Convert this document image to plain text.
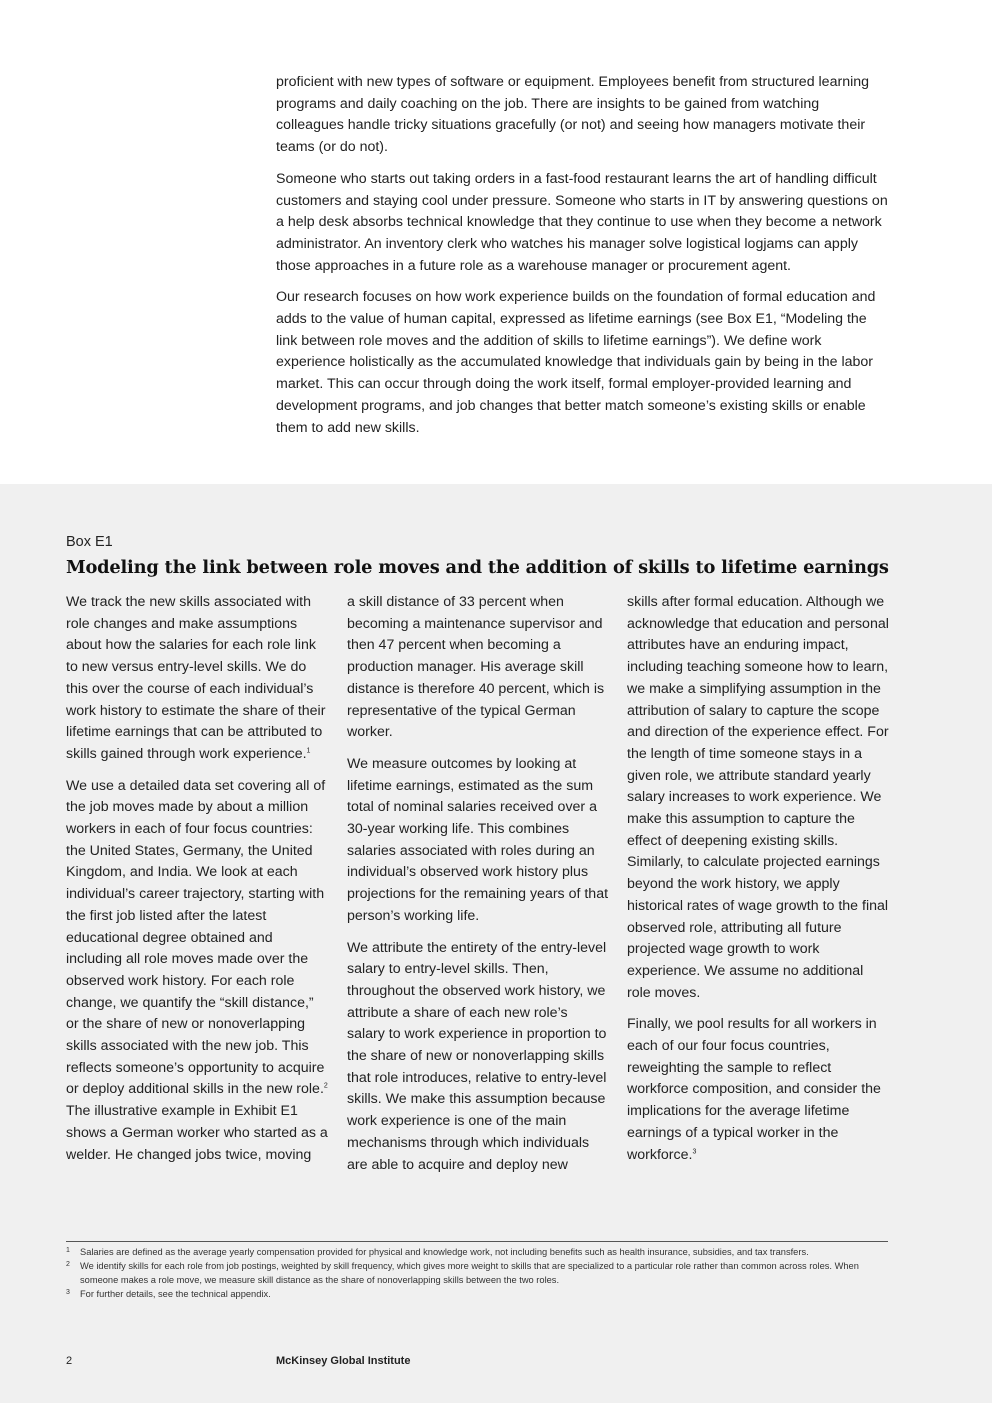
proficient with new types of software or equipment. Employees benefit from structured learning programs and daily coaching on the job. There are insights to be gained from watching colleagues handle tricky situations gracefully (or not) and seeing how managers motivate their teams (or do not).

Someone who starts out taking orders in a fast-food restaurant learns the art of handling difficult customers and staying cool under pressure. Someone who starts in IT by answering questions on a help desk absorbs technical knowledge that they continue to use when they become a network administrator. An inventory clerk who watches his manager solve logistical logjams can apply those approaches in a future role as a warehouse manager or procurement agent.

Our research focuses on how work experience builds on the foundation of formal education and adds to the value of human capital, expressed as lifetime earnings (see Box E1, “Modeling the link between role moves and the addition of skills to lifetime earnings”). We define work experience holistically as the accumulated knowledge that individuals gain by being in the labor market. This can occur through doing the work itself, formal employer-provided learning and development programs, and job changes that better match someone’s existing skills or enable them to add new skills.

Box E1
Modeling the link between role moves and the addition of skills to lifetime earnings

We track the new skills associated with role changes and make assumptions about how the salaries for each role link to new versus entry-level skills. We do this over the course of each individual’s work history to estimate the share of their lifetime earnings that can be attributed to skills gained through work experience.$^1$

We use a detailed data set covering all of the job moves made by about a million workers in each of four focus countries: the United States, Germany, the United Kingdom, and India. We look at each individual’s career trajectory, starting with the first job listed after the latest educational degree obtained and including all role moves made over the observed work history. For each role change, we quantify the “skill distance,” or the share of new or nonoverlapping skills associated with the new job. This reflects someone’s opportunity to acquire or deploy additional skills in the new role.$^2$ The illustrative example in Exhibit E1 shows a German worker who started as a welder. He changed jobs twice, moving

a skill distance of 33 percent when becoming a maintenance supervisor and then 47 percent when becoming a production manager. His average skill distance is therefore 40 percent, which is representative of the typical German worker.

We measure outcomes by looking at lifetime earnings, estimated as the sum total of nominal salaries received over a 30-year working life. This combines salaries associated with roles during an individual’s observed work history plus projections for the remaining years of that person’s working life.

We attribute the entirety of the entry-level salary to entry-level skills. Then, throughout the observed work history, we attribute a share of each new role’s salary to work experience in proportion to the share of new or nonoverlapping skills that role introduces, relative to entry-level skills. We make this assumption because work experience is one of the main mechanisms through which individuals are able to acquire and deploy new

skills after formal education. Although we acknowledge that education and personal attributes have an enduring impact, including teaching someone how to learn, we make a simplifying assumption in the attribution of salary to capture the scope and direction of the experience effect. For the length of time someone stays in a given role, we attribute standard yearly salary increases to work experience. We make this assumption to capture the effect of deepening existing skills. Similarly, to calculate projected earnings beyond the work history, we apply historical rates of wage growth to the final observed role, attributing all future projected wage growth to work experience. We assume no additional role moves.

Finally, we pool results for all workers in each of our four focus countries, reweighting the sample to reflect workforce composition, and consider the implications for the average lifetime earnings of a typical worker in the workforce.$^3$

1 Salaries are defined as the average yearly compensation provided for physical and knowledge work, not including benefits such as health insurance, subsidies, and tax transfers.
2 We identify skills for each role from job postings, weighted by skill frequency, which gives more weight to skills that are specialized to a particular role rather than common across roles. When someone makes a role move, we measure skill distance as the share of nonoverlapping skills between the two roles.
3 For further details, see the technical appendix.
2	McKinsey Global Institute
